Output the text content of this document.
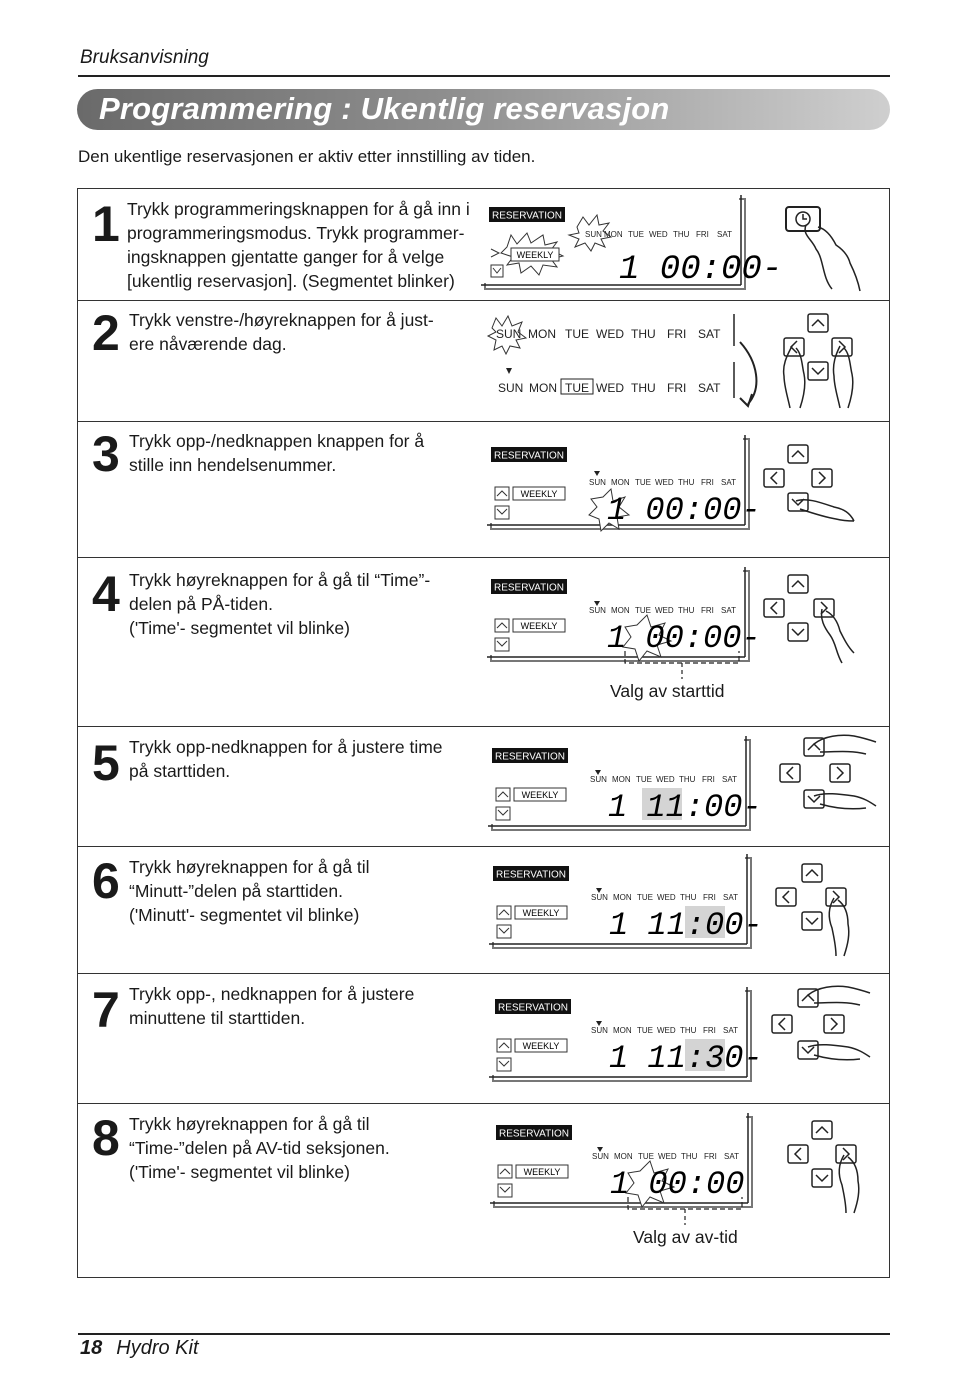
Bruksanvisning
Programmering : Ukentlig reservasjon
Den ukentlige reservasjonen er aktiv etter innstilling av tiden.
1 Trykk programmeringsknappen for å gå inn i
programmeringsmodus. Trykk programmer-
ingsknappen gjentatte ganger for å velge
[ukentlig reservasjon]. (Segmentet blinker)
RESERVATION
WEEKLY
SUN MON TUE WED THU FRI SAT
1 00:00-
2 Trykk venstre-/høyreknappen for å just-
ere nåværende dag.	SUN MON TUE WED THU FRI SAT
SUN MON TUE WED THU FRI SAT
3 Trykk opp-/nedknappen knappen for å
stille inn hendelsenummer.	RESERVATION
WEEKLY
SUN MON TUE WED THU FRI SAT
1 00:00-
4 Trykk høyreknappen for å gå til “Time”-
delen på PÅ-tiden.
('Time'- segmentet vil blinke)
RESERVATION
WEEKLY
SUN MON TUE WED THU FRI SAT
1 00:00-
Valg av starttid
5 Trykk opp-nedknappen for å justere time
på starttiden.
RESERVATION
WEEKLY
SUN MON TUE WED THU FRI SAT
1 11:00-
6 Trykk høyreknappen for å gå til
“Minutt-”delen på starttiden.
('Minutt'- segmentet vil blinke)
RESERVATION
WEEKLY
SUN MON TUE WED THU FRI SAT
1 11:00-
7 Trykk opp-, nedknappen for å justere
minuttene til starttiden.	RESERVATION
WEEKLY
SUN MON TUE WED THU FRI SAT
1 11:30-
8 Trykk høyreknappen for å gå til
“Time-”delen på AV-tid seksjonen.
('Time'- segmentet vil blinke)
RESERVATION
WEEKLY
SUN MON TUE WED THU FRI SAT
1 00:00
Valg av av-tid
18 Hydro Kit
